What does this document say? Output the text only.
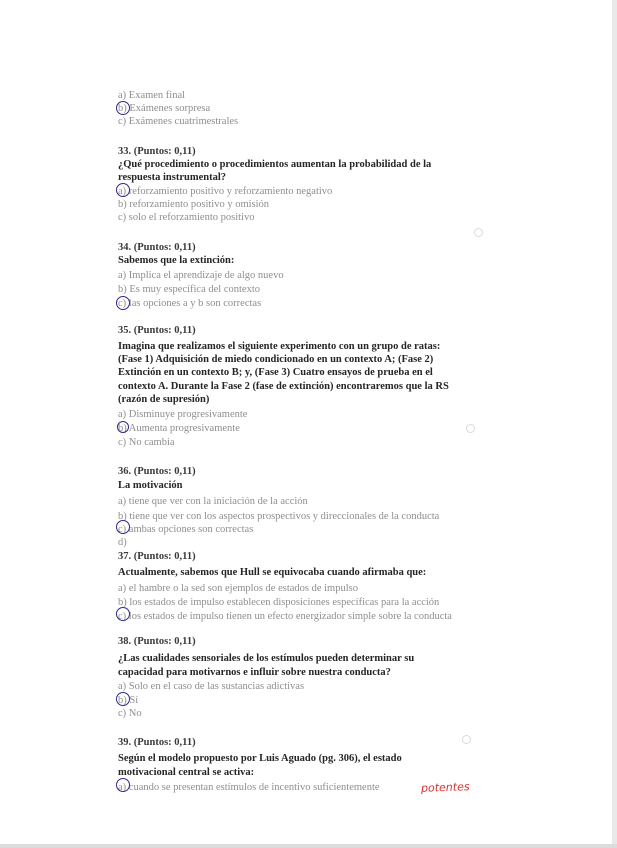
a) Examen final
b) Exámenes sorpresa
c) Exámenes cuatrimestrales
33. (Puntos: 0,11)
¿Qué procedimiento o procedimientos aumentan la probabilidad de la
respuesta instrumental?
a) reforzamiento positivo y reforzamiento negativo
b) reforzamiento positivo y omisión
c) solo el reforzamiento positivo
34. (Puntos: 0,11)
Sabemos que la extinción:
a) Implica el aprendizaje de algo nuevo
b) Es muy específica del contexto
c) las opciones a y b son correctas
35. (Puntos: 0,11)
Imagina que realizamos el siguiente experimento con un grupo de ratas:
(Fase 1) Adquisición de miedo condicionado en un contexto A; (Fase 2)
Extinción en un contexto B; y, (Fase 3) Cuatro ensayos de prueba en el
contexto A. Durante la Fase 2 (fase de extinción) encontraremos que la RS
(razón de supresión)
a) Disminuye progresivamente
b) Aumenta progresivamente
c) No cambia
36. (Puntos: 0,11)
La motivación
a) tiene que ver con la iniciación de la acción
b) tiene que ver con los aspectos prospectivos y direccionales de la conducta
c) ambas opciones son correctas
d)
37. (Puntos: 0,11)
Actualmente, sabemos que Hull se equivocaba cuando afirmaba que:
a) el hambre o la sed son ejemplos de estados de impulso
b) los estados de impulso establecen disposiciones específicas para la acción
c) los estados de impulso tienen un efecto energizador simple sobre la conducta
38. (Puntos: 0,11)
¿Las cualidades sensoriales de los estímulos pueden determinar su
capacidad para motivarnos e influir sobre nuestra conducta?
a) Solo en el caso de las sustancias adictivas
b) Sí
c) No
39. (Puntos: 0,11)
Según el modelo propuesto por Luis Aguado (pg. 306), el estado
motivacional central se activa:
a) cuando se presentan estímulos de incentivo suficientemente	potentes
